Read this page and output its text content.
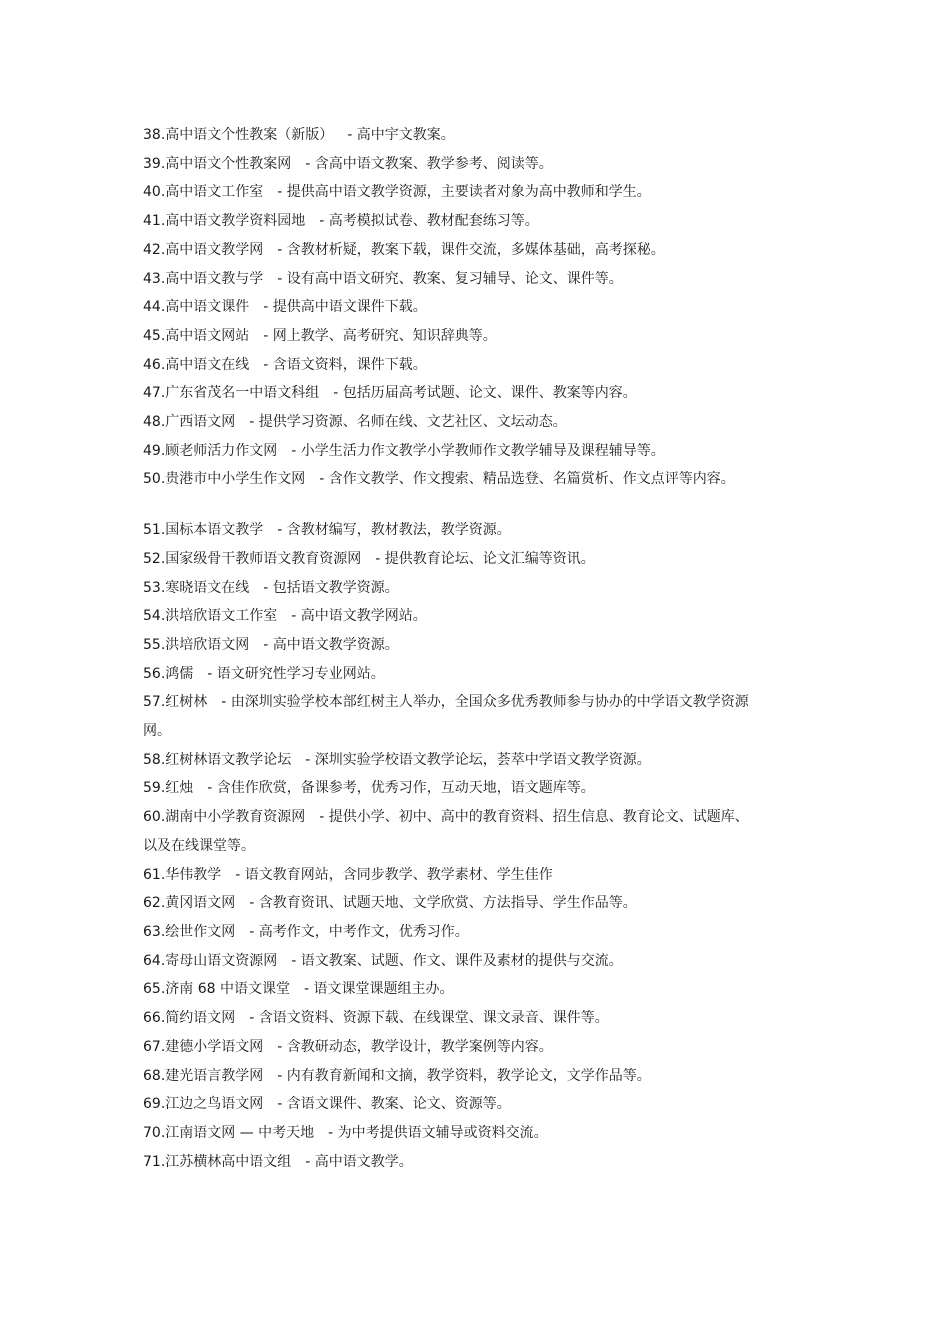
38.高中语文个性教案（新版） - 高中宇文教案。

39.高中语文个性教案网 - 含高中语文教案、教学参考、阅读等。

40.高中语文工作室 - 提供高中语文教学资源，主要读者对象为高中教师和学生。

41.高中语文教学资料园地 - 高考模拟试卷、教材配套练习等。

42.高中语文教学网 - 含教材析疑，教案下载，课件交流，多媒体基础，高考探秘。

43.高中语文教与学 - 设有高中语文研究、教案、复习辅导、论文、课件等。

44.高中语文课件 - 提供高中语文课件下载。

45.高中语文网站 - 网上教学、高考研究、知识辞典等。

46.高中语文在线 - 含语文资料，课件下载。

47.广东省茂名一中语文科组 - 包括历届高考试题、论文、课件、教案等内容。

48.广西语文网 - 提供学习资源、名师在线、文艺社区、文坛动态。

49.顾老师活力作文网 - 小学生活力作文教学小学教师作文教学辅导及课程辅导等。

50.贵港市中小学生作文网 - 含作文教学、作文搜索、精品选登、名篇赏析、作文点评等内容。

51.国标本语文教学 - 含教材编写，教材教法，教学资源。

52.国家级骨干教师语文教育资源网 - 提供教育论坛、论文汇编等资讯。

53.寒晓语文在线 - 包括语文教学资源。

54.洪培欣语文工作室 - 高中语文教学网站。

55.洪培欣语文网 - 高中语文教学资源。

56.鸿儒 - 语文研究性学习专业网站。

57.红树林 - 由深圳实验学校本部红树主人举办，全国众多优秀教师参与协办的中学语文教学资源网。

58.红树林语文教学论坛 - 深圳实验学校语文教学论坛，荟萃中学语文教学资源。

59.红烛 - 含佳作欣赏，备课参考，优秀习作，互动天地，语文题库等。

60.湖南中小学教育资源网 - 提供小学、初中、高中的教育资料、招生信息、教育论文、试题库、以及在线课堂等。

61.华伟教学 - 语文教育网站，含同步教学、教学素材、学生佳作

62.黄冈语文网 - 含教育资讯、试题天地、文学欣赏、方法指导、学生作品等。

63.绘世作文网 - 高考作文，中考作文，优秀习作。

64.寄母山语文资源网 - 语文教案、试题、作文、课件及素材的提供与交流。

65.济南 68 中语文课堂 - 语文课堂课题组主办。

66.简约语文网 - 含语文资料、资源下载、在线课堂、课文录音、课件等。

67.建德小学语文网 - 含教研动态，教学设计，教学案例等内容。

68.建光语言教学网 - 内有教育新闻和文摘，教学资料，教学论文，文学作品等。

69.江边之鸟语文网 - 含语文课件、教案、论文、资源等。

70.江南语文网 — 中考天地 - 为中考提供语文辅导或资料交流。

71.江苏横林高中语文组 - 高中语文教学。
